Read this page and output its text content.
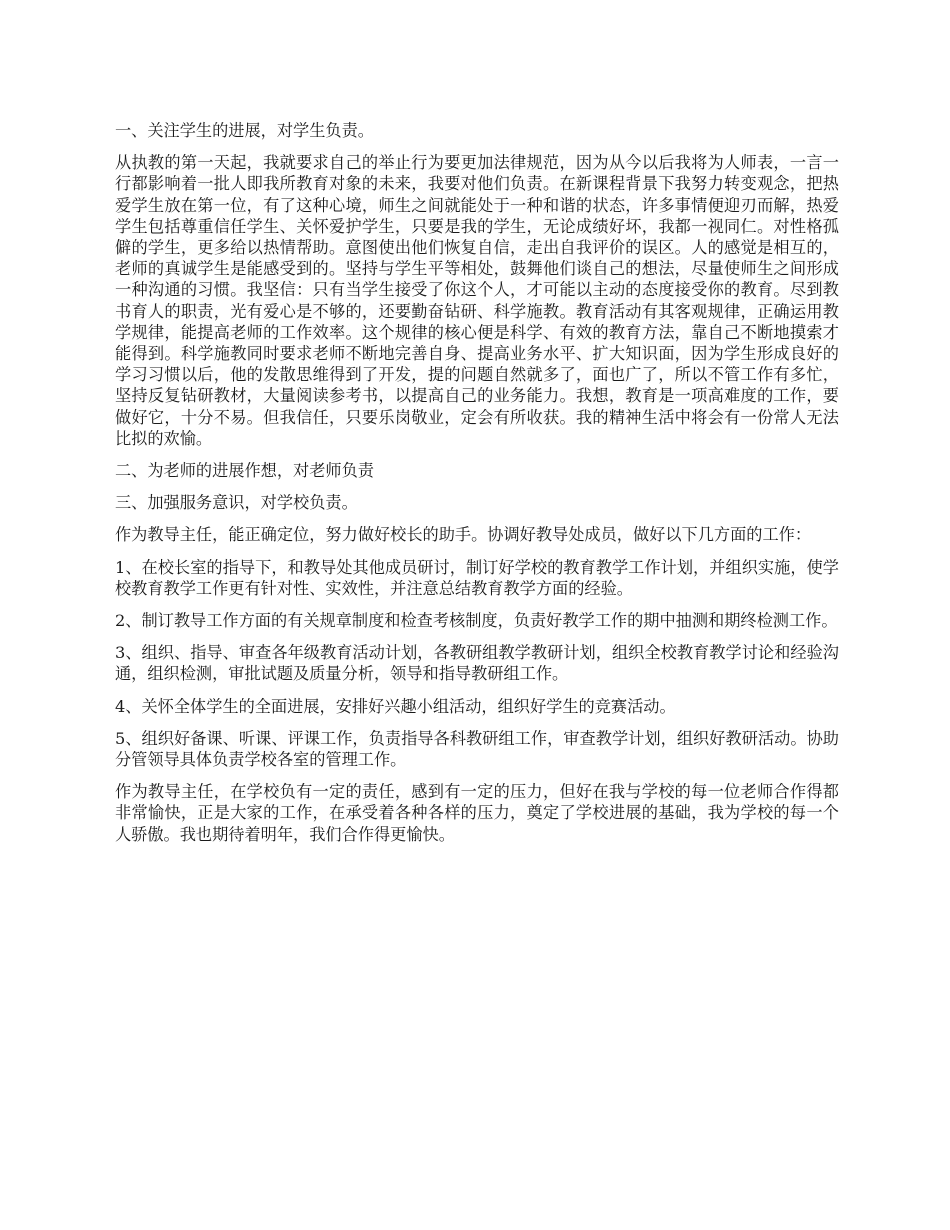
一、关注学生的进展，对学生负责。

从执教的第一天起，我就要求自己的举止行为要更加法律规范，因为从今以后我将为人师表，一言一行都影响着一批人即我所教育对象的未来，我要对他们负责。在新课程背景下我努力转变观念，把热爱学生放在第一位，有了这种心境，师生之间就能处于一种和谐的状态，许多事情便迎刃而解，热爱学生包括尊重信任学生、关怀爱护学生，只要是我的学生，无论成绩好坏，我都一视同仁。对性格孤僻的学生，更多给以热情帮助。意图使出他们恢复自信，走出自我评价的误区。人的感觉是相互的，老师的真诚学生是能感受到的。坚持与学生平等相处，鼓舞他们谈自己的想法，尽量使师生之间形成一种沟通的习惯。我坚信：只有当学生接受了你这个人，才可能以主动的态度接受你的教育。尽到教书育人的职责，光有爱心是不够的，还要勤奋钻研、科学施教。教育活动有其客观规律，正确运用教学规律，能提高老师的工作效率。这个规律的核心便是科学、有效的教育方法，靠自己不断地摸索才能得到。科学施教同时要求老师不断地完善自身、提高业务水平、扩大知识面，因为学生形成良好的学习习惯以后，他的发散思维得到了开发，提的问题自然就多了，面也广了，所以不管工作有多忙，坚持反复钻研教材，大量阅读参考书，以提高自己的业务能力。我想，教育是一项高难度的工作，要做好它，十分不易。但我信任，只要乐岗敬业，定会有所收获。我的精神生活中将会有一份常人无法比拟的欢愉。

二、为老师的进展作想，对老师负责

三、加强服务意识，对学校负责。

作为教导主任，能正确定位，努力做好校长的助手。协调好教导处成员，做好以下几方面的工作：

1、在校长室的指导下，和教导处其他成员研讨，制订好学校的教育教学工作计划，并组织实施，使学校教育教学工作更有针对性、实效性，并注意总结教育教学方面的经验。

2、制订教导工作方面的有关规章制度和检查考核制度，负责好教学工作的期中抽测和期终检测工作。

3、组织、指导、审查各年级教育活动计划，各教研组教学教研计划，组织全校教育教学讨论和经验沟通，组织检测，审批试题及质量分析，领导和指导教研组工作。

4、关怀全体学生的全面进展，安排好兴趣小组活动，组织好学生的竞赛活动。

5、组织好备课、听课、评课工作，负责指导各科教研组工作，审查教学计划，组织好教研活动。协助分管领导具体负责学校各室的管理工作。

作为教导主任，在学校负有一定的责任，感到有一定的压力，但好在我与学校的每一位老师合作得都非常愉快，正是大家的工作，在承受着各种各样的压力，奠定了学校进展的基础，我为学校的每一个人骄傲。我也期待着明年，我们合作得更愉快。
